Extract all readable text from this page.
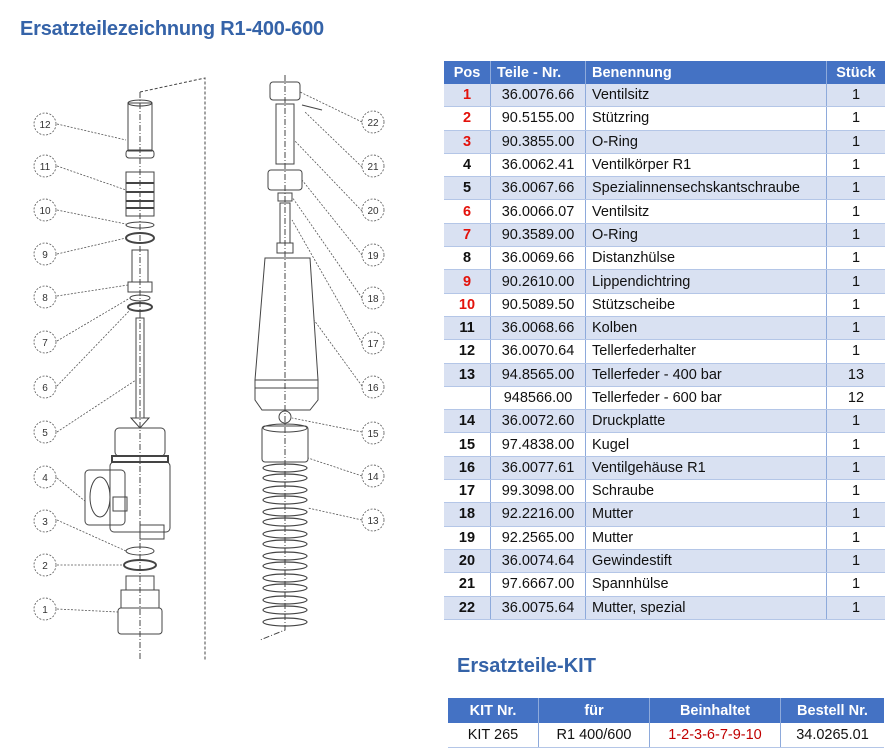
Ersatzteilezeichnung R1-400-600
12
11
10
9
8
7
6
5
4
3
2
1
22
21
20
19
18
17
16
15
14
13
Pos	Teile - Nr.	Benennung	Stück
1	36.0076.66	Ventilsitz	1
2	90.5155.00	Stützring	1
3	90.3855.00	O-Ring	1
4	36.0062.41	Ventilkörper R1	1
5	36.0067.66	Spezialinnensechskantschraube	1
6	36.0066.07	Ventilsitz	1
7	90.3589.00	O-Ring	1
8	36.0069.66	Distanzhülse	1
9	90.2610.00	Lippendichtring	1
10	90.5089.50	Stützscheibe	1
11	36.0068.66	Kolben	1
12	36.0070.64	Tellerfederhalter	1
13	94.8565.00	Tellerfeder - 400 bar	13
	948566.00	Tellerfeder - 600 bar	12
14	36.0072.60	Druckplatte	1
15	97.4838.00	Kugel	1
16	36.0077.61	Ventilgehäuse R1	1
17	99.3098.00	Schraube	1
18	92.2216.00	Mutter	1
19	92.2565.00	Mutter	1
20	36.0074.64	Gewindestift	1
21	97.6667.00	Spannhülse	1
22	36.0075.64	Mutter, spezial	1
Ersatzteile-KIT
KIT Nr.	für	Beinhaltet	Bestell Nr.
KIT 265	R1 400/600	1-2-3-6-7-9-10	34.0265.01
